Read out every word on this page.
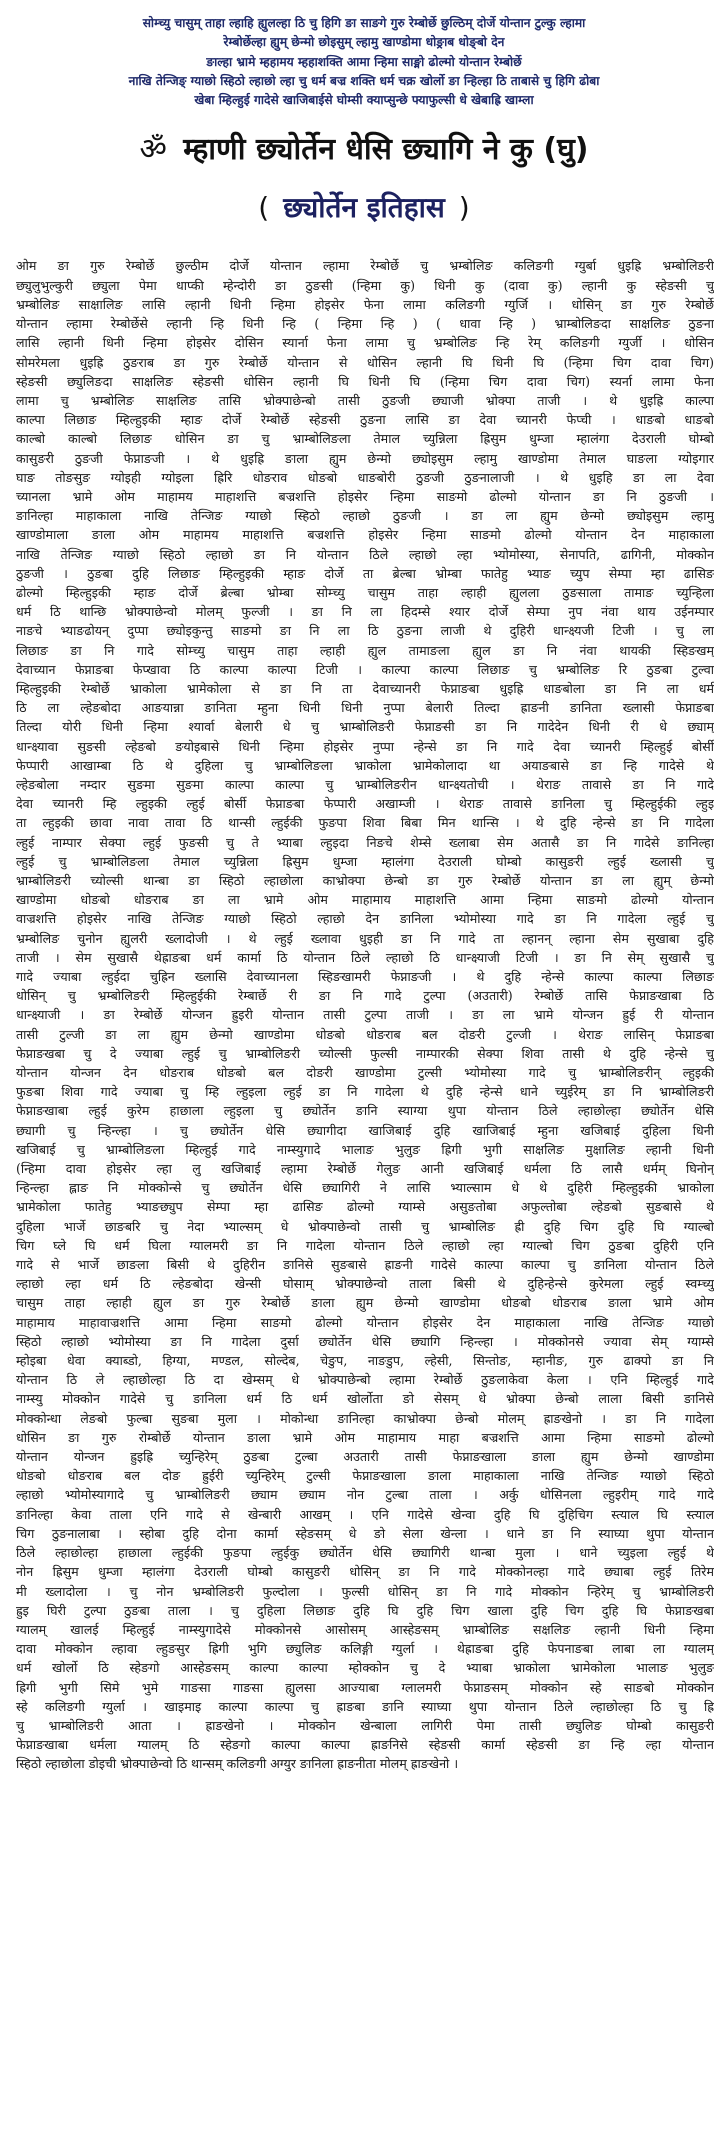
सोम्च्यु चासुम् ताहा ल्हाहि ह्युलल्हा ठि चु हिगि ङा साङगे गुरु रेम्बोर्छे छुल्ठिम् दोर्जे योन्तान टुल्कु ल्हामा
रेम्बोर्छेल्हा ह्युम् छेन्मो छोइसुम् ल्हामु खाण्डोमा धोङ्राब धोङ्बो देन
ङाल्हा भ्रामे म्हहामय म्हहाशक्ति आमा न्हिमा साङ्मो ढोल्मो योन्तान रेम्बोर्छे
नाखि तेन्जिङ् ग्याछो स्हिठो ल्हाछो ल्हा चु धर्म बज्र शक्ति धर्म चक्र खोर्लो ङा न्हिल्हा ठि ताबासे चु हिगि ढोबा
खेबा म्हिल्हुई गादेसे खाजिबाईसे घोम्सी क्याप्सुन्छे फ्याफुल्सी धे खेबाह्रि खाम्ला
ॐ म्हाणी छ्योर्तेन धेसि छ्यागि ने कु (घु)
( छ्योर्तेन इतिहास )
ओम ङा गुरु रेम्बोर्छे छुल्ठीम दोर्जे योन्तान ल्हामा रेम्बोर्छे चु भ्रम्बोलिङ कलिङगी ग्युर्बा धुइह्रि भ्रम्बोलिङरी
छ्युलुभुल्कुरी छ्युला पेमा धाप्की म्हेन्दोरी ङा ठुङसी (न्हिमा कु) धिनी कु (दावा कु) ल्हानी कु स्हेङसी चु
भ्रम्बोलिङ साक्षालिङ लासि ल्हानी धिनी न्हिमा होइसेर फेना लामा कलिङगी ग्युर्जि । धोसिन् ङा गुरु रेम्बोर्छे
योन्तान ल्हामा रेम्बोर्छेसे ल्हानी न्हि धिनी न्हि ( न्हिमा न्हि ) ( धावा न्हि ) भ्राम्बोलिङदा साक्षलिङ ठुङना
लासि ल्हानी धिनी न्हिमा होइसेर दोसिन स्यार्ना फेना लामा चु भ्रम्बोलिङ न्हि रेम् कलिङगी ग्युर्जी । धोसिन
सोमरेमला धुइह्रि ठुङराब ङा गुरु रेम्बोर्छे योन्तान से धोसिन ल्हानी घि धिनी घि (न्हिमा चिग दावा चिग)
स्हेङसी छ्युलिङदा साक्षलिङ स्हेङसी धोसिन ल्हानी घि धिनी घि (न्हिमा चिग दावा चिग) स्यर्ना लामा फेना
लामा चु भ्रम्बोलिङ साक्षलिङ तासि भ्रोक्पाछेन्बो तासी ठुङजी छ्याजी भ्रोक्पा ताजी । थे धुइह्रि काल्पा
काल्पा लिछाङ म्हिल्हुइकी म्हाङ दोर्जे रेम्बोर्छे स्हेङसी ठुङना लासि ङा देवा च्यानरी फेप्ची । धाङबो धाङबो
काल्बो काल्बो लिछाङ धोसिन ङा चु भ्राम्बोलिङला तेमाल च्युन्निला ह्रिसुम धुम्जा म्हालंगा देउराली घोम्बो
कासुङरी ठुङजी फेप्नाङजी । थे धुइह्रि ङाला ह्युम छेन्मो छ्योइसुम ल्हामु खाण्डोमा तेमाल घाङला ग्योइगार
घाङ तोङसुङ ग्योइही ग्योइला ह्रिरि धोङराव धोङबो धाङबोरी ठुङजी ठुङनालाजी । थे धुइहि ङा ला देवा
च्यानला भ्रामे ओम माहामय माहाशत्ति बज्रशत्ति होइसेर न्हिमा साङमो ढोल्मो योन्तान ङा नि ठुङजी ।
ङानिल्हा माहाकाला नाखि तेन्जिङ ग्याछो स्हिठो ल्हाछो ठुङजी । ङा ला ह्युम छेन्मो छ्योइसुम ल्हामु
खाण्डोमाला ङाला ओम माहामय माहाशत्ति बज्रशत्ति होइसेर न्हिमा साङमो ढोल्मो योन्तान देन माहाकाला
नाखि तेन्जिङ ग्याछो स्हिठो ल्हाछो ङा नि योन्तान ठिले ल्हाछो ल्हा भ्योमोस्या, सेनापति, ढागिनी, मोक्कोन
ठुङजी । ठुङबा दुहि लिछाङ म्हिल्हुइकी म्हाङ दोर्जे ता ब्रेल्बा भ्रोम्बा फातेहु भ्याङ च्युप सेम्पा म्हा ढासिङ
ढोल्मो म्हिल्हुइकी म्हाङ दोर्जे ब्रेल्बा भ्रोम्बा सोम्च्यु चासुम ताहा ल्हाही ह्युलला ठुङसाला तामाङ च्युन्हिला
धर्म ठि थान्छि भ्रोक्पाछेन्वो मोलम् फुल्जी । ङा नि ला हिदम्से श्यार दोर्जे सेम्पा नुप नंवा थाय उईनम्पार
नाङचे भ्याङढोयन् दुप्पा छ्योइकुन्तु साङमो ङा नि ला ठि ठुङना लाजी थे दुहिरी धान्क्ष्यजी टिजी । चु ला
लिछाङ ङा नि गादे सोम्च्यु चासुम ताहा ल्हाही ह्युल तामाङला ह्युल ङा नि नंवा थायकी स्हिङखम्
देवाच्यान फेप्नाङबा फेप्खावा ठि काल्पा काल्पा टिजी । काल्पा काल्पा लिछाङ चु भ्रम्बोलिङ रि ठुङबा टुल्वा
म्हिल्हुइकी रेम्बोर्छे भ्राकोला भ्रामेकोला से ङा नि ता देवाच्यानरी फेप्नाङबा धुइह्रि धाङबोला ङा नि ला धर्म
ठि ला ल्हेङबोदा आङयान्ना ङानिता म्हुना धिनी धिनी नुप्पा बेलारी तिल्दा ह्राङनी ङानिता ख्लासी फेप्नाङबा
तिल्दा योरी धिनी न्हिमा श्यार्वा बेलारी धे चु भ्राम्बोलिङरी फेप्नाङसी ङा नि गादेदेन धिनी री धे छ्याम्
धान्क्ष्यावा सुङसी ल्हेङबो ङयोइबासे धिनी न्हिमा होइसेर नुप्पा न्हेन्से ङा नि गादे देवा च्यानरी म्हिल्हुई बोर्सी
फेप्पारी आखाम्बा ठि थे दुहिला चु भ्राम्बोलिङला भ्राकोला भ्रामेकोलादा था अयाङबासे ङा न्हि गादेसे थे
ल्हेङबोला नम्दार सुङमा सुङमा काल्पा काल्पा चु भ्राम्बोलिङरीन धान्क्ष्यतोची । थेराङ तावासे ङा नि गादे
देवा च्यानरी म्हि ल्हुइकी ल्हुई बोर्सी फेप्नाङबा फेप्पारी अखाम्जी । थेराङ तावासे ङानिला चु म्हिल्हुईकी ल्हुइ
ता ल्हुइकी छावा नावा तावा ठि थान्सी ल्हुईकी फुङपा शिवा बिबा मिन थान्सि । थे दुहि न्हेन्से ङा नि गादेला
ल्हुई नाम्पार सेक्पा ल्हुई फुङसी चु ते भ्याबा ल्हुइदा निङचे शेम्से ख्लाबा सेम अतासै ङा नि गादेसे ङानिल्हा
ल्हुई चु भ्राम्बोलिङला तेमाल च्युन्निला ह्रिसुम धुम्जा म्हालंगा देउराली घोम्बो कासुङरी ल्हुई ख्लासी चु
भ्राम्बोलिङरी च्योल्सी थान्बा ङा स्हिठो ल्हाछोला काभ्रोक्पा छेन्बो ङा गुरु रेम्बोर्छे योन्तान ङा ला ह्युम् छेन्मो
खाण्डोमा धोङबो धोङराब ङा ला भ्रामे ओम माहामाय माहाशत्ति आमा न्हिमा साङमो ढोल्मो योन्तान
वाज्रशत्ति होइसेर नाखि तेन्जिङ ग्याछो स्हिठो ल्हाछो देन ङानिला भ्योमोस्या गादे ङा नि गादेला ल्हुई चु
भ्रम्बोलिङ चुनोन ह्युलरी ख्लादोजी । थे ल्हुई ख्लावा धुइही ङा नि गादे ता ल्हानन् ल्हाना सेम सुखाबा दुहि
ताजी । सेम सुखासै थेह्राङबा धर्म कार्मा ठि योन्तान ठिले ल्हाछो ठि धान्क्ष्याजी टिजी । ङा नि सेम् सुखासै चु
गादे ज्याबा ल्हुईदा चुह्रिन ख्लासि देवाच्यानला स्हिङखामरी फेप्नाङजी । थे दुहि न्हेन्से काल्पा काल्पा लिछाङ
धोसिन् चु भ्रम्बोलिङरी म्हिल्हुईकी रेम्बार्छे री ङा नि गादे टुल्पा (अउतारी) रेम्बोर्छे तासि फेप्नाङखाबा ठि
धान्क्ष्याजी । ङा रेम्बोर्छे योन्जन ह्रुइरी योन्तान तासी टुल्पा ताजी । ङा ला भ्रामे योन्जन ह्रुई री योन्तान
तासी टुल्जी ङा ला ह्युम छेन्मो खाण्डोमा धोङबो धोङराब बल दोङरी टुल्जी । थेराङ लासिन् फेप्नाङबा
फेप्नाङखबा चु दे ज्याबा ल्हुई चु भ्राम्बोलिङरी च्योल्सी फुल्सी नाम्पारकी सेक्पा शिवा तासी थे दुहि न्हेन्से चु
योन्तान योन्जन देन धोङराब धोङबो बल दोङरी खाण्डोमा टुल्सी भ्योमोस्या गादे चु भ्राम्बोलिङरीन् ल्हुइकी
फुङबा शिवा गादे ज्याबा चु म्हि ल्हुइला ल्हुई ङा नि गादेला थे दुहि न्हेन्से धाने च्युईरेम् ङा नि भ्राम्बोलिङरी
फेप्नाङखाबा ल्हुई कुरेम हाछाला ल्हुइला चु छ्योर्तेन ङानि स्याग्या थुपा योन्तान ठिले ल्हाछोल्हा छ्योर्तेन धेसि
छ्यागी चु न्हिन्ल्हा । चु छ्योर्तेन धेसि छ्यागीदा खाजिबाई दुहि खाजिबाई म्हुना खजिबाई दुहिला धिनी
खजिबाई चु भ्राम्बोलिङला म्हिल्हुई गादे नाम्स्युगादे भालाङ भुलुङ ह्रिगी भुगी साक्षलिङ मुक्षालिङ ल्हानी धिनी
(न्हिमा दावा होइसेर ल्हा लु खजिबाई ल्हामा रेम्बोर्छे गेलुङ आनी खजिबाई धर्मला ठि लासै धर्मम् घिनोन्
न्हिन्ल्हा ह्लाङ नि मोक्कोन्से चु छ्योर्तेन धेसि छ्यागिरी ने लासि भ्याल्साम धे थे दुहिरी म्हिल्हुइकी भ्राकोला
भ्रामेकोला फातेहु भ्याङछ्युप सेम्पा म्हा ढासिङ ढोल्मो ग्याम्से असुङतोबा अफुल्तोबा ल्हेङबो सुङबासे थे
दुहिला भार्जे छाङबरि चु नेदा भ्याल्सम् धे भ्रोक्पाछेन्वो तासी चु भ्राम्बोलिङ ह्री दुहि चिग दुहि घि ग्याल्बो
चिग घ्ले घि धर्म घिला ग्यालमरी ङा नि गादेला योन्तान ठिले ल्हाछो ल्हा ग्याल्बो चिग ठुङबा दुहिरी एनि
गादे से भार्जे छाङला बिसी थे दुहिरीन ङानिसे सुङबासे ह्राङनी गादेसे काल्पा काल्पा चु ङानिला योन्तान ठिले
ल्हाछो ल्हा धर्म ठि ल्हेङबोदा खेन्सी घोसाम् भ्रोक्पाछेन्वो ताला बिसी थे दुहिन्हेन्से कुरेमला ल्हुई स्वम्च्यु
चासुम ताहा ल्हाही ह्युल ङा गुरु रेम्बोर्छे ङाला ह्युम छेन्मो खाण्डोमा धोङबो धोङराब ङाला भ्रामे ओम
माहामाय माहावाज्रशत्ति आमा न्हिमा साङमो ढोल्मो योन्तान होइसेर देन माहाकाला नाखि तेन्जिङ ग्याछो
स्हिठो ल्हाछो भ्योमोस्या ङा नि गादेला दुर्सा छ्योर्तेन धेसि छ्यागि न्हिन्ल्हा । मोक्कोनसे ज्यावा सेम् ग्याम्से
म्होइबा धेवा क्याब्डो, हिग्या, मण्डल, सोल्देब, चेङुप, नाङडुप, ल्हेसी, सिन्तोङ, म्हानीङ, गुरु ढाक्पो ङा नि
योन्तान ठि ले ल्हाछोल्हा ठि दा खेम्सम् धे भ्रोक्पाछेन्बो ल्हामा रेम्बोर्छे ठुङलाकेवा केला । एनि म्हिल्हुई गादे
नाम्स्यु मोक्कोन गादेसे चु ङानिला धर्म ठि धर्म खोर्लोता ङो सेसम् धे भ्रोक्पा छेन्बो लाला बिसी ङानिसे
मोक्कोन्धा लेङबो फुल्बा सुङबा मुला । मोकोन्धा ङानिल्हा काभ्रोक्पा छेन्बो मोलम् ह्राङखेनो । ङा नि गादेला
धोसिन ङा गुरु रोम्बोर्छे योन्तान ङाला भ्रामे ओम माहामाय माहा बज्रशत्ति आमा न्हिमा साङमो ढोल्मो
योन्तान योन्जन ह्रुइह्रि च्युन्हिरेम् ठुङबा टुल्बा अउतारी तासी फेप्नाङखाला ङाला ह्युम छेन्मो खाण्डोमा
धोङबो धोङराब बल दोङ ह्रुईरी च्युन्हिरेम् टुल्सी फेप्नाङखाला ङाला माहाकाला नाखि तेन्जिङ ग्याछो स्हिठो
ल्हाछो भ्योमोस्यागादे चु भ्राम्बोलिङरी छ्याम छ्याम नोन टुल्बा ताला । अर्कु धोसिनला ल्हुइरीम् गादे गादे
ङानिल्हा केवा ताला एनि गादे से खेन्बारी आखम् । एनि गादेसे खेन्वा दुहि घि दुहिचिग स्त्याल घि स्त्याल
चिग ठुङनालाबा । स्होबा दुहि दोना कार्मा स्हेङसम् धे ङो सेला खेन्ला । धाने ङा नि स्याघ्या थुपा योन्तान
ठिले ल्हाछोल्हा हाछाला ल्हुईकी फुङपा ल्हुईकु छ्योर्तेन धेसि छ्यागिरी थान्बा मुला । धाने च्युइला ल्हुई थे
नोन ह्रिसुम धुम्जा म्हालंगा देउराली घोम्बो कासुङरी धोसिन् ङा नि गादे मोक्कोनल्हा गादे छ्याबा ल्हुई तिरेम
मी ख्लादोला । चु नोन भ्रम्बोलिङरी फुल्दोला । फुल्सी धोसिन् ङा नि गादे मोक्कोन न्हिरेम् चु भ्राम्बोलिङरी
ह्रुइ घिरी टुल्पा ठुङबा ताला । चु दुहिला लिछाङ दुहि घि दुहि चिग खाला दुहि चिग दुहि घि फेप्नाङखबा
ग्यालम् खालई म्हिल्हुई नाम्स्युगादेसे मोक्कोनसे आसोसम् आस्हेङसम् भ्राम्बोलिङ सक्षलिङ ल्हानी धिनी न्हिमा
दावा मोक्कोन ल्हावा ल्हुङसुर ह्रिगी भुगि छ्युलिङ कलिङ्गी ग्युर्ला । थेह्राङबा दुहि फेपनाङबा लाबा ला ग्यालम्
धर्म खोर्लो ठि स्हेङगो आस्हेङसम् काल्पा काल्पा म्होक्कोन चु दे भ्याबा भ्राकोला भ्रामेकोला भालाङ भुलुङ
ह्रिगी भुगी सिमे भुमे गाङसा गाङसा ह्युलसा आज्याबा ग्लालमरी फेप्नाङसम् मोक्कोन स्हे साङबो मोक्कोन
स्हे कलिङगी ग्युर्ला । खाइमाइ काल्पा काल्पा चु ह्राङबा ङानि स्याघ्या थुपा योन्तान ठिले ल्हाछोल्हा ठि चु ह्रि
चु भ्राम्बोलिङरी आता । ह्राङखेनो । मोक्कोन खेन्बाला लागिरी पेमा तासी छ्युलिङ घोम्बो कासुङरी
फेप्नाङखाबा धर्मला ग्यालम् ठि स्हेङगो काल्पा काल्पा ह्राङनिसे स्हेङसी कार्मा स्हेङसी ङा न्हि ल्हा योन्तान
स्हिठो ल्हाछोला डोइची भ्रोक्पाछेन्वो ठि थान्सम् कलिङगी अग्युर ङानिला ह्राङनीता मोलम् ह्राङखेनो ।
